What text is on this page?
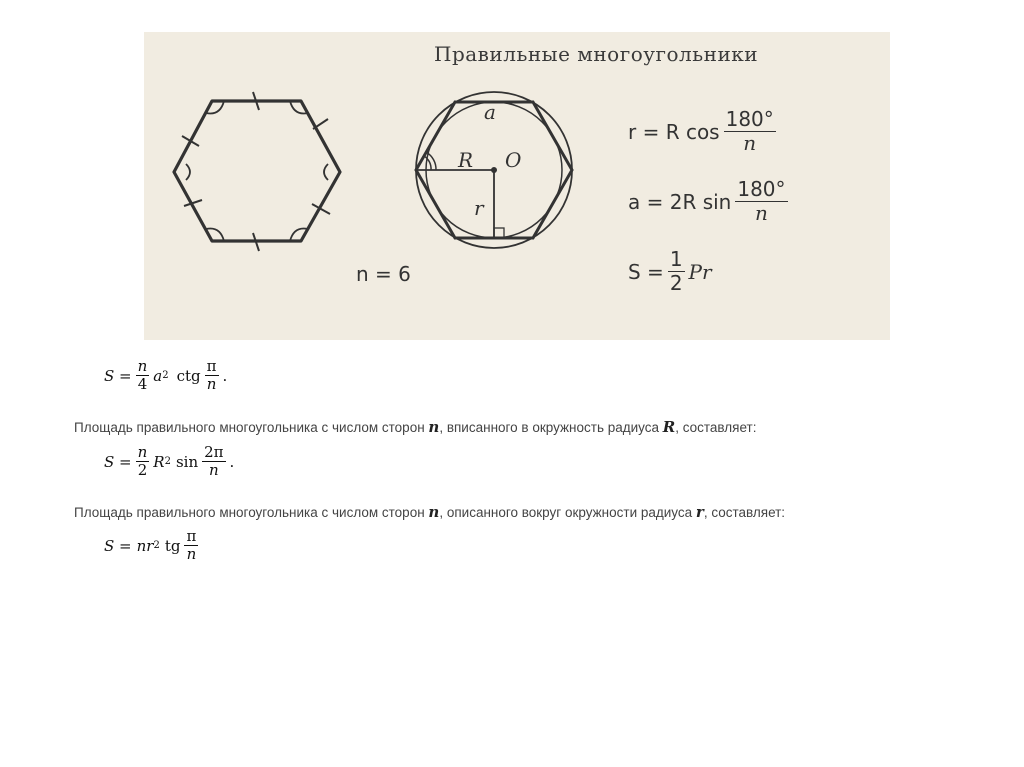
Правильные многоугольники
a
R O
r
r = R $\cos \frac{180^\circ}{n}$
a = 2R $\sin \frac{180^\circ}{n}$
$S = \frac{1}{2}$ Pr
n = 6
$S = \frac{n}{4}$ a 2 ctg $\frac{\pi}{n}$ .
Площадь правильного многоугольника с числом сторон n, вписанного в окружность радиуса R, составляет:
$S = \frac{n}{2}$ R 2 $\sin \frac{2\pi}{n}$ .
Площадь правильного многоугольника с числом сторон n, описанного вокруг окружности радиуса r, составляет:
S = nr 2 tg $\frac{\pi}{n}$
